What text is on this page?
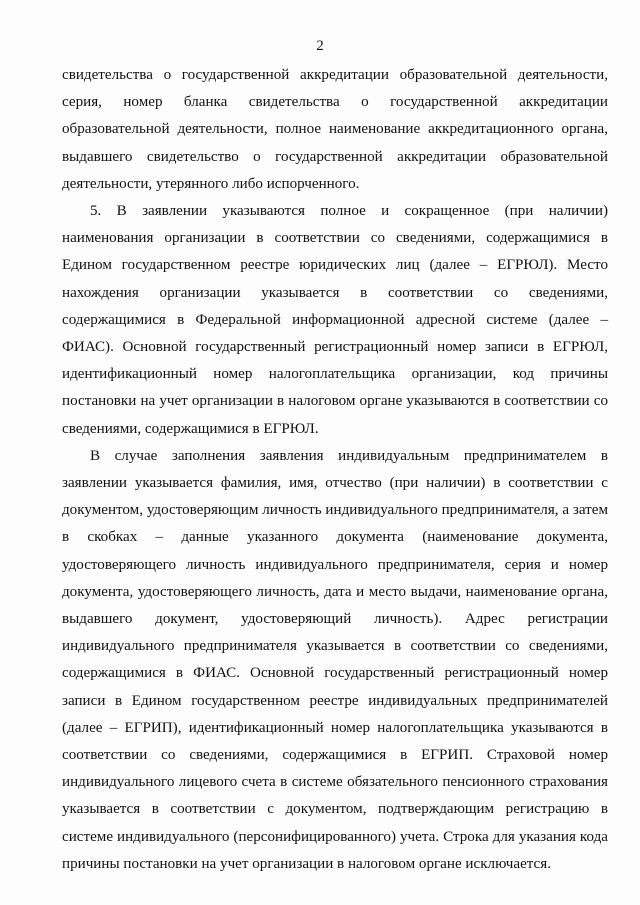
2

свидетельства о государственной аккредитации образовательной деятельности, серия, номер бланка свидетельства о государственной аккредитации образовательной деятельности, полное наименование аккредитационного органа, выдавшего свидетельство о государственной аккредитации образовательной деятельности, утерянного либо испорченного.

5. В заявлении указываются полное и сокращенное (при наличии) наименования организации в соответствии со сведениями, содержащимися в Едином государственном реестре юридических лиц (далее – ЕГРЮЛ). Место нахождения организации указывается в соответствии со сведениями, содержащимися в Федеральной информационной адресной системе (далее – ФИАС). Основной государственный регистрационный номер записи в ЕГРЮЛ, идентификационный номер налогоплательщика организации, код причины постановки на учет организации в налоговом органе указываются в соответствии со сведениями, содержащимися в ЕГРЮЛ.

В случае заполнения заявления индивидуальным предпринимателем в заявлении указывается фамилия, имя, отчество (при наличии) в соответствии с документом, удостоверяющим личность индивидуального предпринимателя, а затем в скобках – данные указанного документа (наименование документа, удостоверяющего личность индивидуального предпринимателя, серия и номер документа, удостоверяющего личность, дата и место выдачи, наименование органа, выдавшего документ, удостоверяющий личность). Адрес регистрации индивидуального предпринимателя указывается в соответствии со сведениями, содержащимися в ФИАС. Основной государственный регистрационный номер записи в Едином государственном реестре индивидуальных предпринимателей (далее – ЕГРИП), идентификационный номер налогоплательщика указываются в соответствии со сведениями, содержащимися в ЕГРИП. Страховой номер индивидуального лицевого счета в системе обязательного пенсионного страхования указывается в соответствии с документом, подтверждающим регистрацию в системе индивидуального (персонифицированного) учета. Строка для указания кода причины постановки на учет организации в налоговом органе исключается.
